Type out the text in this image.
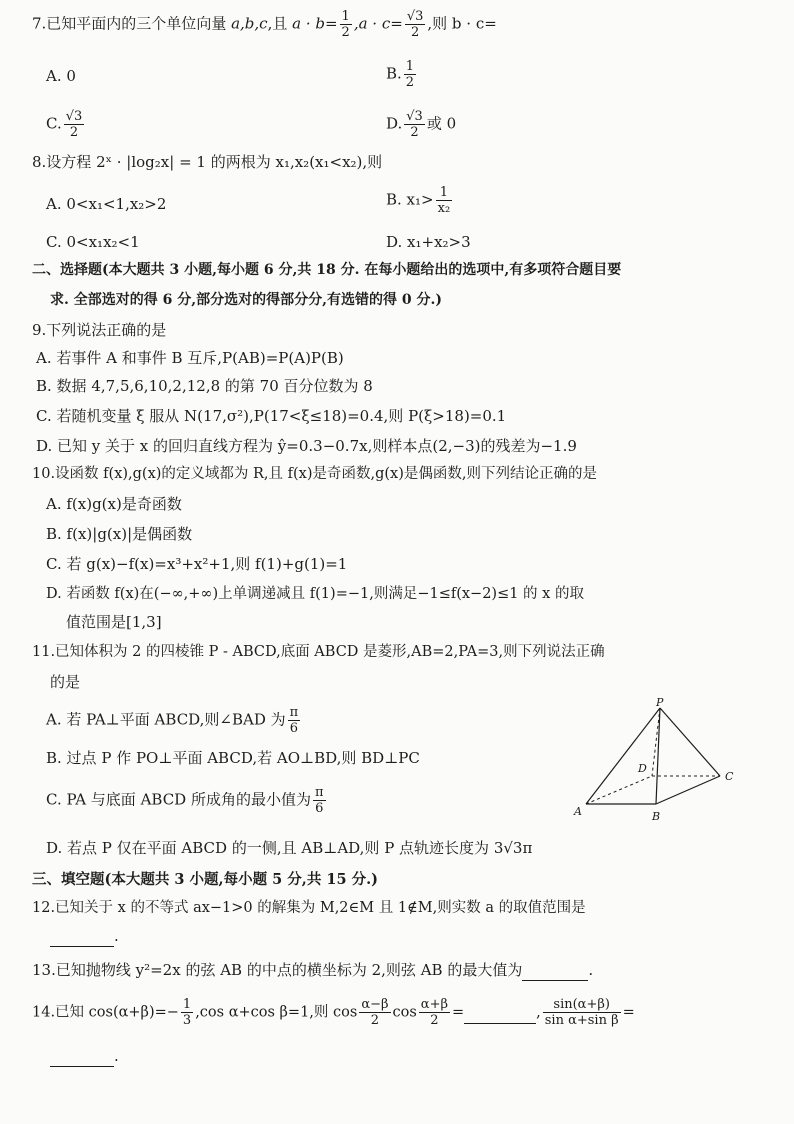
7.已知平面内的三个单位向量 a,b,c,且 $a \cdot b= \frac{1}{2} ,a \cdot c= \frac{√3}{2}$ ,则 b · c=
A. 0	B. $\frac{1}{2}$
C. $\frac{√3}{2}$	D. $\frac{√3}{2}$ 或 0
8.设方程 2ˣ · |log₂x| = 1 的两根为 x₁,x₂(x₁<x₂),则
A. 0<x₁<1,x₂>2	B. $x_1> \frac{1}{\text{x₂}}$
C. 0<x₁x₂<1	D. x₁+x₂>3
二、选择题(本大题共 3 小题,每小题 6 分,共 18 分. 在每小题给出的选项中,有多项符合题目要
求. 全部选对的得 6 分,部分选对的得部分分,有选错的得 0 分.)
9.下列说法正确的是
A. 若事件 A 和事件 B 互斥,P(AB)=P(A)P(B)
B. 数据 4,7,5,6,10,2,12,8 的第 70 百分位数为 8
C. 若随机变量 ξ 服从 N(17,σ²),P(17<ξ≤18)=0.4,则 P(ξ>18)=0.1
D. 已知 y 关于 x 的回归直线方程为 ŷ=0.3−0.7x,则样本点(2,−3)的残差为−1.9
10.设函数 f(x),g(x)的定义域都为 R,且 f(x)是奇函数,g(x)是偶函数,则下列结论正确的是
A. f(x)g(x)是奇函数
B. f(x)|g(x)|是偶函数
C. 若 g(x)−f(x)=x³+x²+1,则 f(1)+g(1)=1
D. 若函数 f(x)在(−∞,+∞)上单调递减且 f(1)=−1,则满足−1≤f(x−2)≤1 的 x 的取
值范围是[1,3]
11.已知体积为 2 的四棱锥 P - ABCD,底面 ABCD 是菱形,AB=2,PA=3,则下列说法正确
的是
A. 若 PA⊥平面 ABCD,则∠BAD 为 $\frac{\pi}{6}$
B. 过点 P 作 PO⊥平面 ABCD,若 AO⊥BD,则 BD⊥PC
C. PA 与底面 ABCD 所成角的最小值为 $\frac{\pi}{6}$
D. 若点 P 仅在平面 ABCD 的一侧,且 AB⊥AD,则 P 点轨迹长度为 3√3π
P
A	B
C
D
三、填空题(本大题共 3 小题,每小题 5 分,共 15 分.)
12.已知关于 x 的不等式 ax−1>0 的解集为 M,2∈M 且 1∉M,则实数 a 的取值范围是
.
13.已知抛物线 y²=2x 的弦 AB 的中点的横坐标为 2,则弦 AB 的最大值为	.
14.已知 $\cos(\alpha+\beta)=- \frac{1}{3} ,\cos$ α+cos β=1,则 $\cos \frac{\alpha-\beta}{2}$ $\cos \frac{\alpha+\beta}{2}$ =	, $\frac{\sin(\alpha+\beta)}{\text{sin α+sin β}}$ =
.
